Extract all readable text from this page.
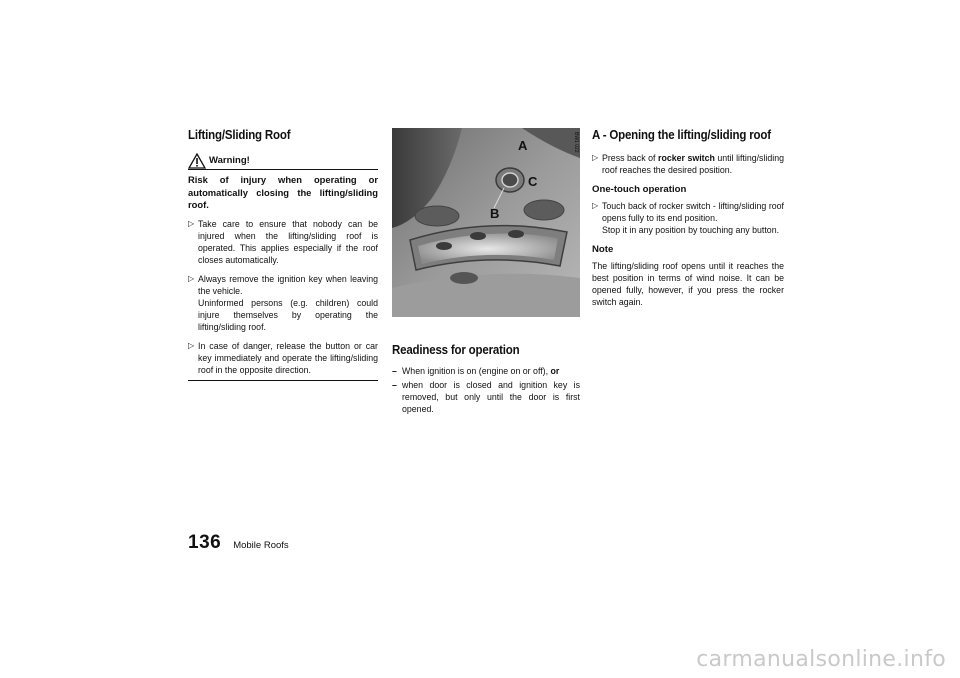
Lifting/Sliding Roof
Warning!

Risk of injury when operating or automatically closing the lifting/sliding roof.

▷ Take care to ensure that nobody can be injured when the lifting/sliding roof is operated. This applies especially if the roof closes automatically.
▷ Always remove the ignition key when leaving the vehicle.
Uninformed persons (e.g. children) could injure themselves by operating the lifting/sliding roof.
▷ In case of danger, release the button or car key immediately and operate the lifting/sliding roof in the opposite direction.
A
C
B
BW1 022
Readiness for operation
– When ignition is on (engine on or off), or
– when door is closed and ignition key is removed, but only until the door is first opened.
A - Opening the lifting/sliding roof
▷ Press back of rocker switch until lifting/sliding roof reaches the desired position.
One-touch operation
▷ Touch back of rocker switch - lifting/sliding roof opens fully to its end position.
Stop it in any position by touching any button.
Note

The lifting/sliding roof opens until it reaches the best position in terms of wind noise. It can be opened fully, however, if you press the rocker switch again.

136 Mobile Roofs
carmanualsonline.info
